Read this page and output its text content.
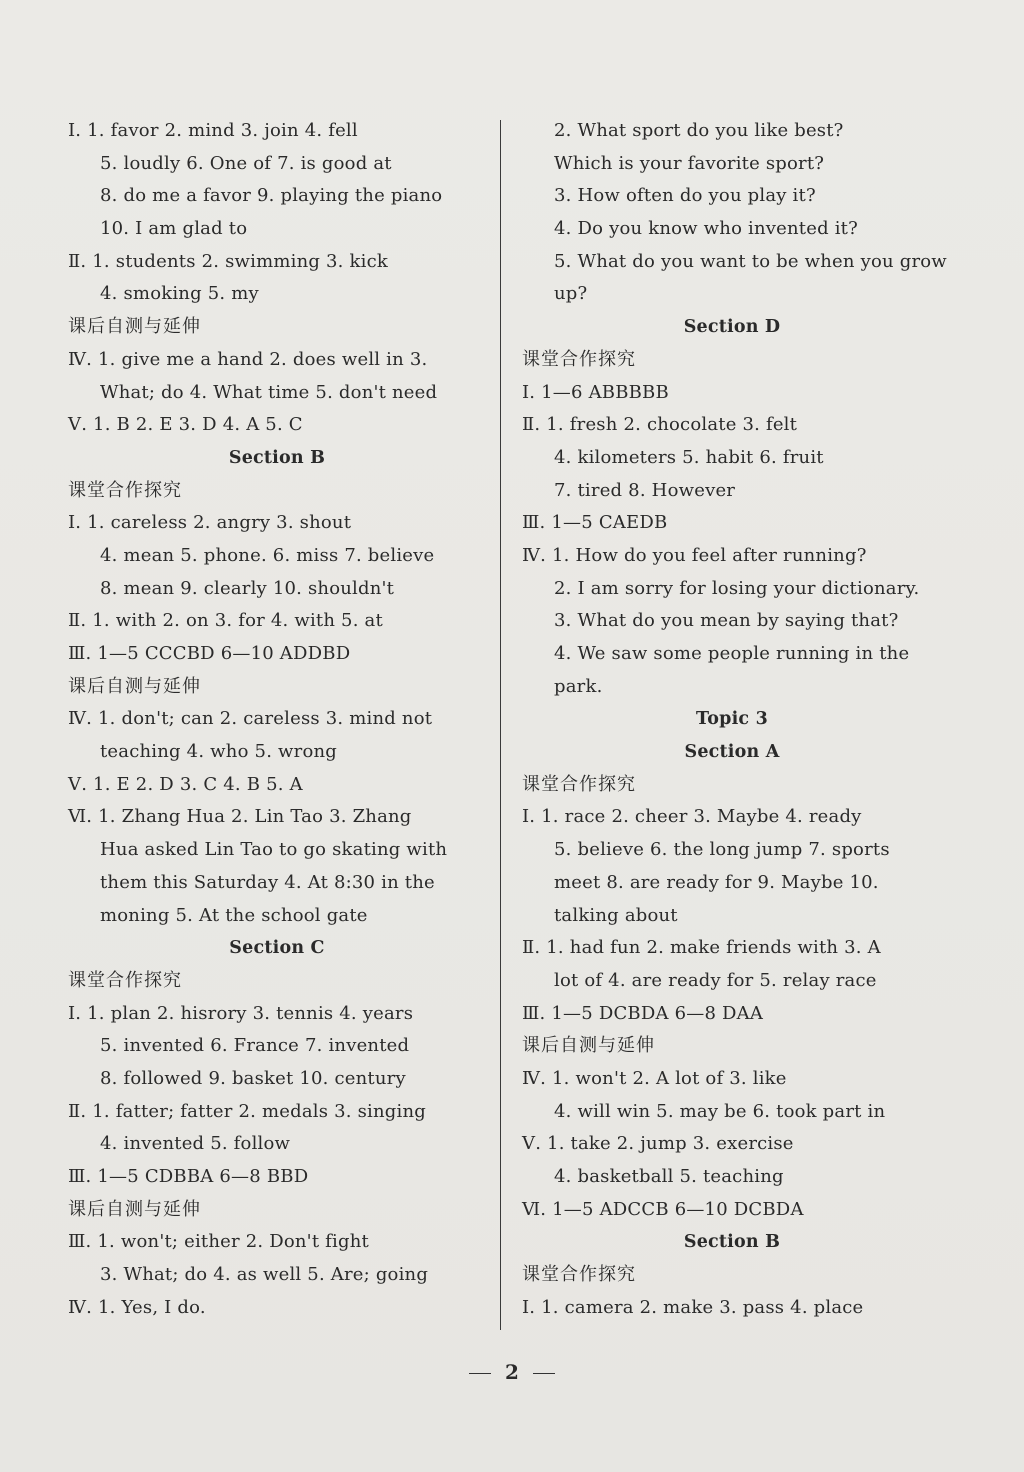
Ⅰ. 1. favor 2. mind 3. join 4. fell
5. loudly 6. One of 7. is good at
8. do me a favor 9. playing the piano
10. I am glad to
Ⅱ. 1. students 2. swimming 3. kick
4. smoking 5. my
课后自测与延伸
Ⅳ. 1. give me a hand 2. does well in 3.
What; do 4. What time 5. don't need
Ⅴ. 1. B 2. E 3. D 4. A 5. C
Section B
课堂合作探究
Ⅰ. 1. careless 2. angry 3. shout
4. mean 5. phone. 6. miss 7. believe
8. mean 9. clearly 10. shouldn't
Ⅱ. 1. with 2. on 3. for 4. with 5. at
Ⅲ. 1—5 CCCBD 6—10 ADDBD
课后自测与延伸
Ⅳ. 1. don't; can 2. careless 3. mind not
teaching 4. who 5. wrong
Ⅴ. 1. E 2. D 3. C 4. B 5. A
Ⅵ. 1. Zhang Hua 2. Lin Tao 3. Zhang
Hua asked Lin Tao to go skating with
them this Saturday 4. At 8:30 in the
moning 5. At the school gate
Section C
课堂合作探究
Ⅰ. 1. plan 2. hisrory 3. tennis 4. years
5. invented 6. France 7. invented
8. followed 9. basket 10. century
Ⅱ. 1. fatter; fatter 2. medals 3. singing
4. invented 5. follow
Ⅲ. 1—5 CDBBA 6—8 BBD
课后自测与延伸
Ⅲ. 1. won't; either 2. Don't fight
3. What; do 4. as well 5. Are; going
Ⅳ. 1. Yes, I do.
2. What sport do you like best?
Which is your favorite sport?
3. How often do you play it?
4. Do you know who invented it?
5. What do you want to be when you grow
up?
Section D
课堂合作探究
Ⅰ. 1—6 ABBBBB
Ⅱ. 1. fresh 2. chocolate 3. felt
4. kilometers 5. habit 6. fruit
7. tired 8. However
Ⅲ. 1—5 CAEDB
Ⅳ. 1. How do you feel after running?
2. I am sorry for losing your dictionary.
3. What do you mean by saying that?
4. We saw some people running in the
park.
Topic 3
Section A
课堂合作探究
Ⅰ. 1. race 2. cheer 3. Maybe 4. ready
5. believe 6. the long jump 7. sports
meet 8. are ready for 9. Maybe 10.
talking about
Ⅱ. 1. had fun 2. make friends with 3. A
lot of 4. are ready for 5. relay race
Ⅲ. 1—5 DCBDA 6—8 DAA
课后自测与延伸
Ⅳ. 1. won't 2. A lot of 3. like
4. will win 5. may be 6. took part in
Ⅴ. 1. take 2. jump 3. exercise
4. basketball 5. teaching
Ⅵ. 1—5 ADCCB 6—10 DCBDA
Section B
课堂合作探究
Ⅰ. 1. camera 2. make 3. pass 4. place
2
